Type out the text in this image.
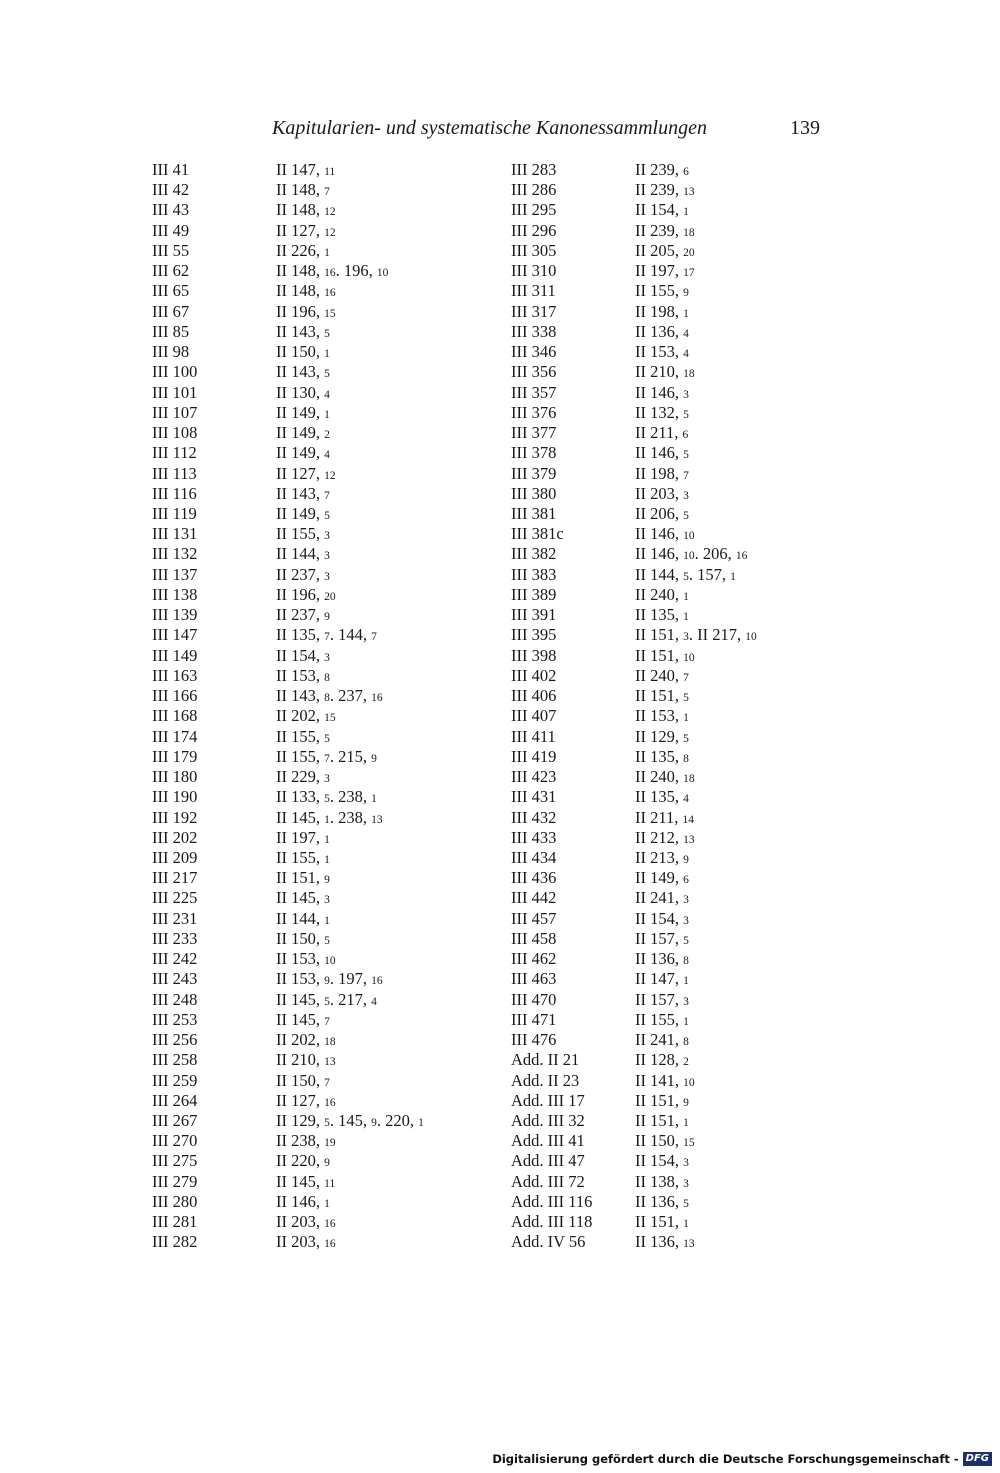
Kapitularien- und systematische Kanonessammlungen	139
III 41	II 147, 11
III 42	II 148, 7
III 43	II 148, 12
III 49	II 127, 12
III 55	II 226, 1
III 62	II 148, 16. 196, 10
III 65	II 148, 16
III 67	II 196, 15
III 85	II 143, 5
III 98	II 150, 1
III 100	II 143, 5
III 101	II 130, 4
III 107	II 149, 1
III 108	II 149, 2
III 112	II 149, 4
III 113	II 127, 12
III 116	II 143, 7
III 119	II 149, 5
III 131	II 155, 3
III 132	II 144, 3
III 137	II 237, 3
III 138	II 196, 20
III 139	II 237, 9
III 147	II 135, 7. 144, 7
III 149	II 154, 3
III 163	II 153, 8
III 166	II 143, 8. 237, 16
III 168	II 202, 15
III 174	II 155, 5
III 179	II 155, 7. 215, 9
III 180	II 229, 3
III 190	II 133, 5. 238, 1
III 192	II 145, 1. 238, 13
III 202	II 197, 1
III 209	II 155, 1
III 217	II 151, 9
III 225	II 145, 3
III 231	II 144, 1
III 233	II 150, 5
III 242	II 153, 10
III 243	II 153, 9. 197, 16
III 248	II 145, 5. 217, 4
III 253	II 145, 7
III 256	II 202, 18
III 258	II 210, 13
III 259	II 150, 7
III 264	II 127, 16
III 267	II 129, 5. 145, 9. 220, 1
III 270	II 238, 19
III 275	II 220, 9
III 279	II 145, 11
III 280	II 146, 1
III 281	II 203, 16
III 282	II 203, 16
III 283	II 239, 6
III 286	II 239, 13
III 295	II 154, 1
III 296	II 239, 18
III 305	II 205, 20
III 310	II 197, 17
III 311	II 155, 9
III 317	II 198, 1
III 338	II 136, 4
III 346	II 153, 4
III 356	II 210, 18
III 357	II 146, 3
III 376	II 132, 5
III 377	II 211, 6
III 378	II 146, 5
III 379	II 198, 7
III 380	II 203, 3
III 381	II 206, 5
III 381c	II 146, 10
III 382	II 146, 10. 206, 16
III 383	II 144, 5. 157, 1
III 389	II 240, 1
III 391	II 135, 1
III 395	II 151, 3. II 217, 10
III 398	II 151, 10
III 402	II 240, 7
III 406	II 151, 5
III 407	II 153, 1
III 411	II 129, 5
III 419	II 135, 8
III 423	II 240, 18
III 431	II 135, 4
III 432	II 211, 14
III 433	II 212, 13
III 434	II 213, 9
III 436	II 149, 6
III 442	II 241, 3
III 457	II 154, 3
III 458	II 157, 5
III 462	II 136, 8
III 463	II 147, 1
III 470	II 157, 3
III 471	II 155, 1
III 476	II 241, 8
Add. II 21	II 128, 2
Add. II 23	II 141, 10
Add. III 17	II 151, 9
Add. III 32	II 151, 1
Add. III 41	II 150, 15
Add. III 47	II 154, 3
Add. III 72	II 138, 3
Add. III 116	II 136, 5
Add. III 118	II 151, 1
Add. IV 56	II 136, 13
Digitalisierung gefördert durch die Deutsche Forschungsgemeinschaft - DFG
